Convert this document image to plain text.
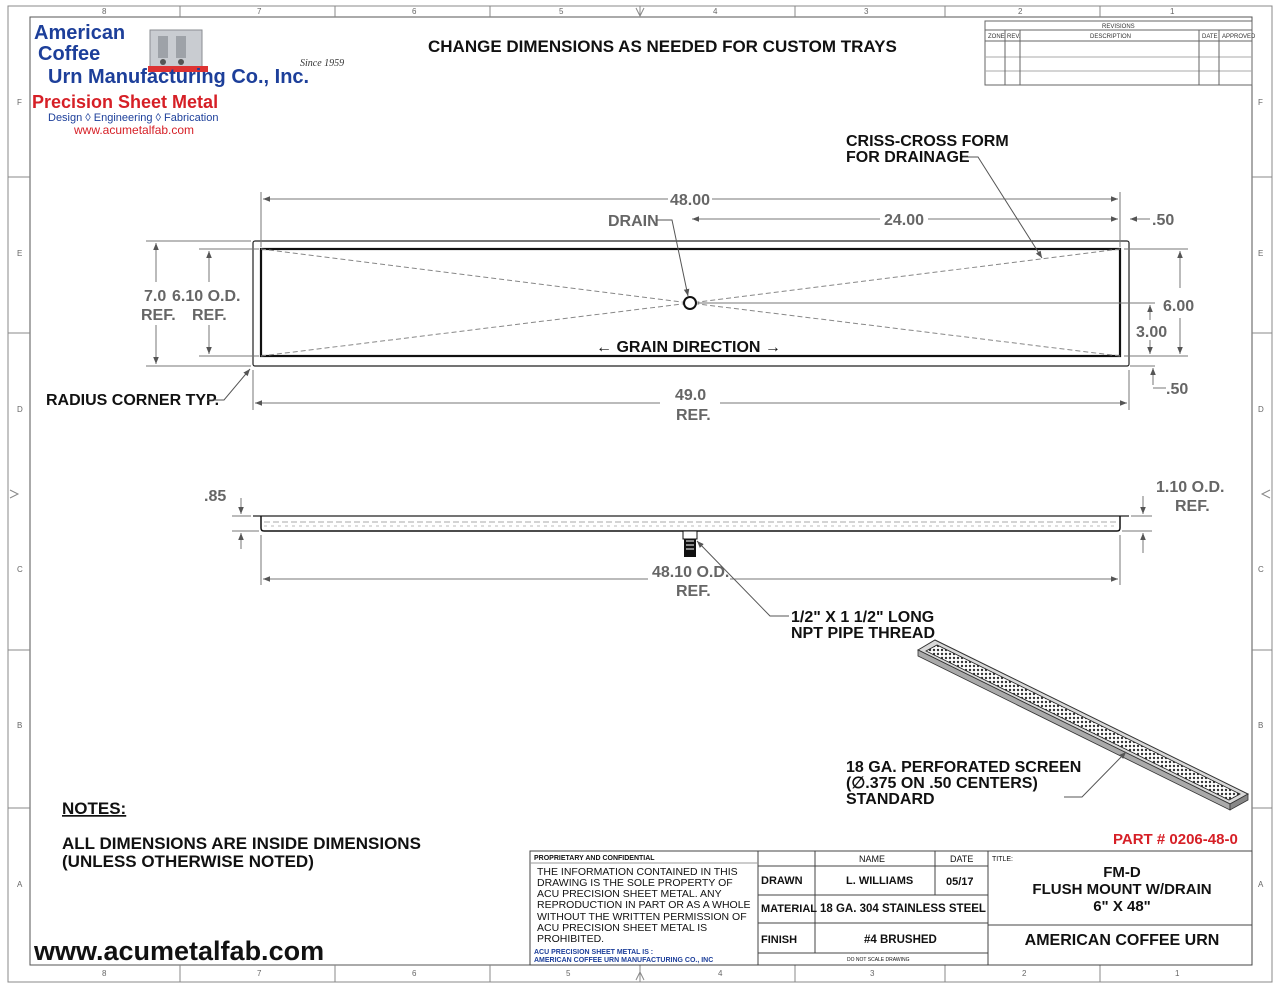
8	7	6	5	4	3	2	1
8	7	6	5	4	3	2	1
F
E
D
C
B
A
F
E
D
C
B
A
American
Coffee
Urn Manufacturing Co., Inc.
Since 1959
Precision Sheet Metal
Design ◊ Engineering ◊ Fabrication
www.acumetalfab.com
CHANGE DIMENSIONS AS NEEDED FOR CUSTOM TRAYS
REVISIONS
ZONE REV.	DESCRIPTION	DATE APPROVED
48.00
24.00
DRAIN
CRISS-CROSS FORM
FOR DRAINAGE
.50
7.0 6.10 O.D.
REF. REF.
6.00
3.00
.50
← GRAIN DIRECTION →
RADIUS CORNER TYP.	49.0
REF.
.85
1.10 O.D.
REF.
48.10 O.D.
REF.
1/2" X 1 1/2" LONG
NPT PIPE THREAD
18 GA. PERFORATED SCREEN
(∅.375 ON .50 CENTERS)
STANDARD
NOTES:
ALL DIMENSIONS ARE INSIDE DIMENSIONS
(UNLESS OTHERWISE NOTED)
www.acumetalfab.com
PART # 0206-48-0
PROPRIETARY AND CONFIDENTIAL
THE INFORMATION CONTAINED IN THIS
DRAWING IS THE SOLE PROPERTY OF
ACU PRECISION SHEET METAL. ANY
REPRODUCTION IN PART OR AS A WHOLE
WITHOUT THE WRITTEN PERMISSION OF
ACU PRECISION SHEET METAL IS
PROHIBITED.
ACU PRECISION SHEET METAL IS :
AMERICAN COFFEE URN MANUFACTURING CO., INC
NAME	DATE	TITLE:
DRAWN	L. WILLIAMS	05/17
MATERIAL 18 GA. 304 STAINLESS STEEL
FINISH	#4 BRUSHED
DO NOT SCALE DRAWING
FM-D
FLUSH MOUNT W/DRAIN
6" X 48"
AMERICAN COFFEE URN
